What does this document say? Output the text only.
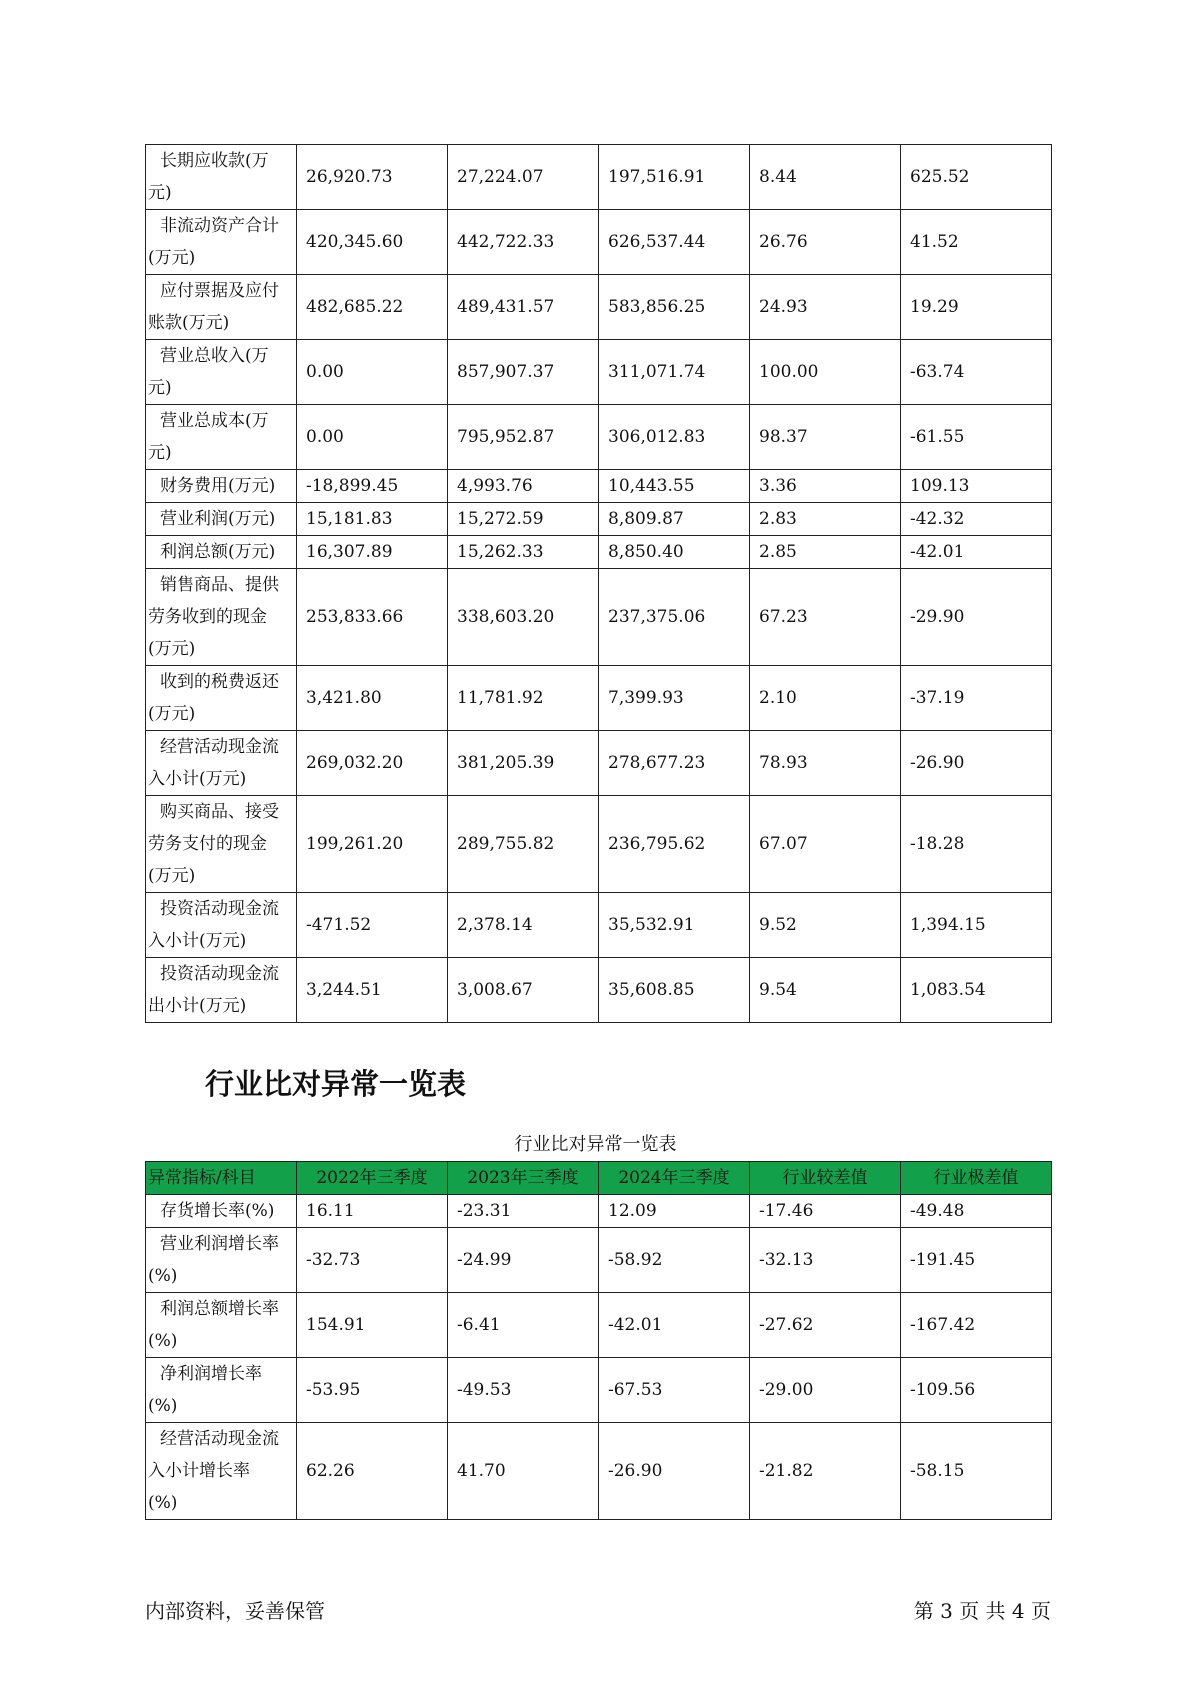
长期应收款(万
元)	26,920.73	27,224.07	197,516.91	8.44	625.52

非流动资产合计
(万元)	420,345.60	442,722.33	626,537.44	26.76	41.52

应付票据及应付
账款(万元)	482,685.22	489,431.57	583,856.25	24.93	19.29

营业总收入(万
元)	0.00	857,907.37	311,071.74	100.00	-63.74

营业总成本(万
元)	0.00	795,952.87	306,012.83	98.37	-61.55

财务费用(万元)	-18,899.45	4,993.76	10,443.55	3.36	109.13

营业利润(万元)	15,181.83	15,272.59	8,809.87	2.83	-42.32

利润总额(万元)	16,307.89	15,262.33	8,850.40	2.85	-42.01

销售商品、提供
劳务收到的现金
(万元)	253,833.66	338,603.20	237,375.06	67.23	-29.90

收到的税费返还
(万元)	3,421.80	11,781.92	7,399.93	2.10	-37.19

经营活动现金流
入小计(万元)	269,032.20	381,205.39	278,677.23	78.93	-26.90

购买商品、接受
劳务支付的现金
(万元)	199,261.20	289,755.82	236,795.62	67.07	-18.28

投资活动现金流
入小计(万元)	-471.52	2,378.14	35,532.91	9.52	1,394.15

投资活动现金流
出小计(万元)	3,244.51	3,008.67	35,608.85	9.54	1,083.54
行业比对异常一览表
行业比对异常一览表
异常指标/科目	2022年三季度	2023年三季度	2024年三季度	行业较差值	行业极差值

存货增长率(%)	16.11	-23.31	12.09	-17.46	-49.48

营业利润增长率
(%)	-32.73	-24.99	-58.92	-32.13	-191.45

利润总额增长率
(%)	154.91	-6.41	-42.01	-27.62	-167.42

净利润增长率
(%)	-53.95	-49.53	-67.53	-29.00	-109.56

经营活动现金流
入小计增长率
(%)	62.26	41.70	-26.90	-21.82	-58.15
内部资料，妥善保管	第 3 页 共 4 页
